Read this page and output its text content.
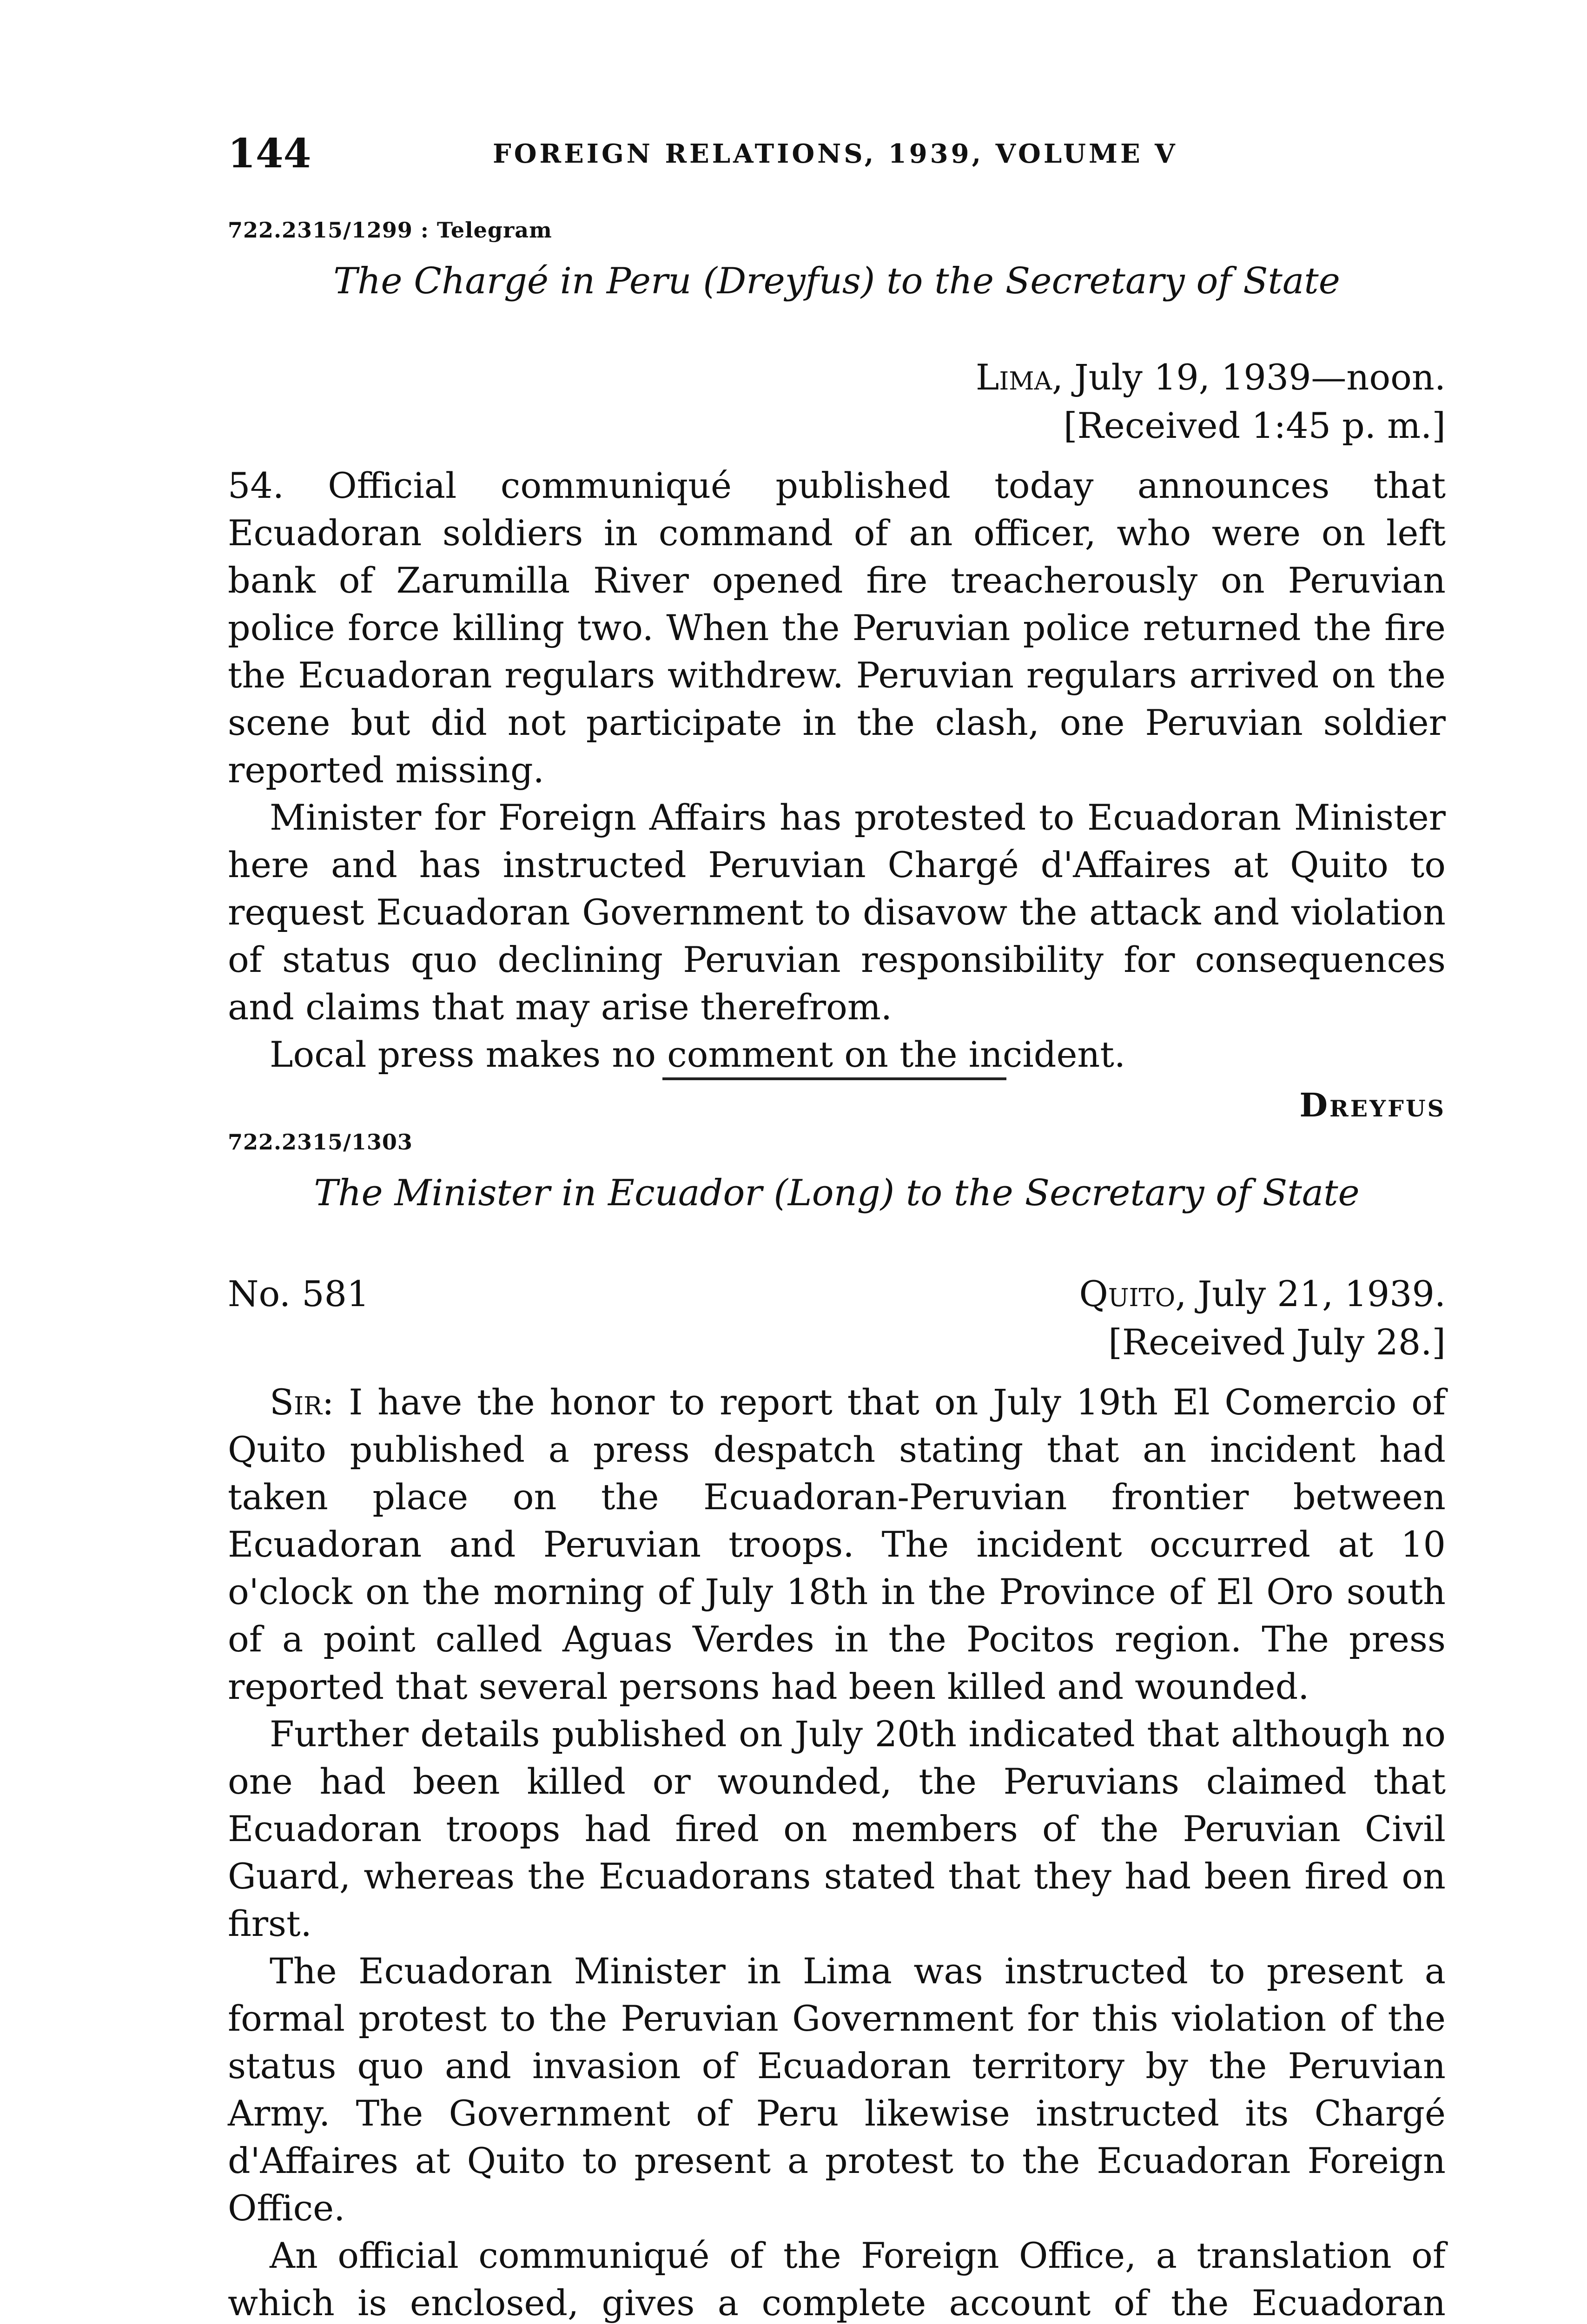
144	FOREIGN RELATIONS, 1939, VOLUME V
722.2315/1299 : Telegram
The Chargé in Peru (Dreyfus) to the Secretary of State
Lima, July 19, 1939—noon.
[Received 1:45 p. m.]

54. Official communiqué published today announces that Ecuadoran soldiers in command of an officer, who were on left bank of Zarumilla River opened fire treacherously on Peruvian police force killing two. When the Peruvian police returned the fire the Ecuadoran regulars withdrew. Peruvian regulars arrived on the scene but did not participate in the clash, one Peruvian soldier reported missing.

Minister for Foreign Affairs has protested to Ecuadoran Minister here and has instructed Peruvian Chargé d'Affaires at Quito to request Ecuadoran Government to disavow the attack and violation of status quo declining Peruvian responsibility for consequences and claims that may arise therefrom.

Local press makes no comment on the incident.

Dreyfus
722.2315/1303
The Minister in Ecuador (Long) to the Secretary of State
No. 581	Quito, July 21, 1939.
[Received July 28.]

Sir: I have the honor to report that on July 19th El Comercio of Quito published a press despatch stating that an incident had taken place on the Ecuadoran-Peruvian frontier between Ecuadoran and Peruvian troops. The incident occurred at 10 o'clock on the morning of July 18th in the Province of El Oro south of a point called Aguas Verdes in the Pocitos region. The press reported that several persons had been killed and wounded.

Further details published on July 20th indicated that although no one had been killed or wounded, the Peruvians claimed that Ecuadoran troops had fired on members of the Peruvian Civil Guard, whereas the Ecuadorans stated that they had been fired on first.

The Ecuadoran Minister in Lima was instructed to present a formal protest to the Peruvian Government for this violation of the status quo and invasion of Ecuadoran territory by the Peruvian Army. The Government of Peru likewise instructed its Chargé d'Affaires at Quito to present a protest to the Ecuadoran Foreign Office.

An official communiqué of the Foreign Office, a translation of which is enclosed, gives a complete account of the Ecuadoran
